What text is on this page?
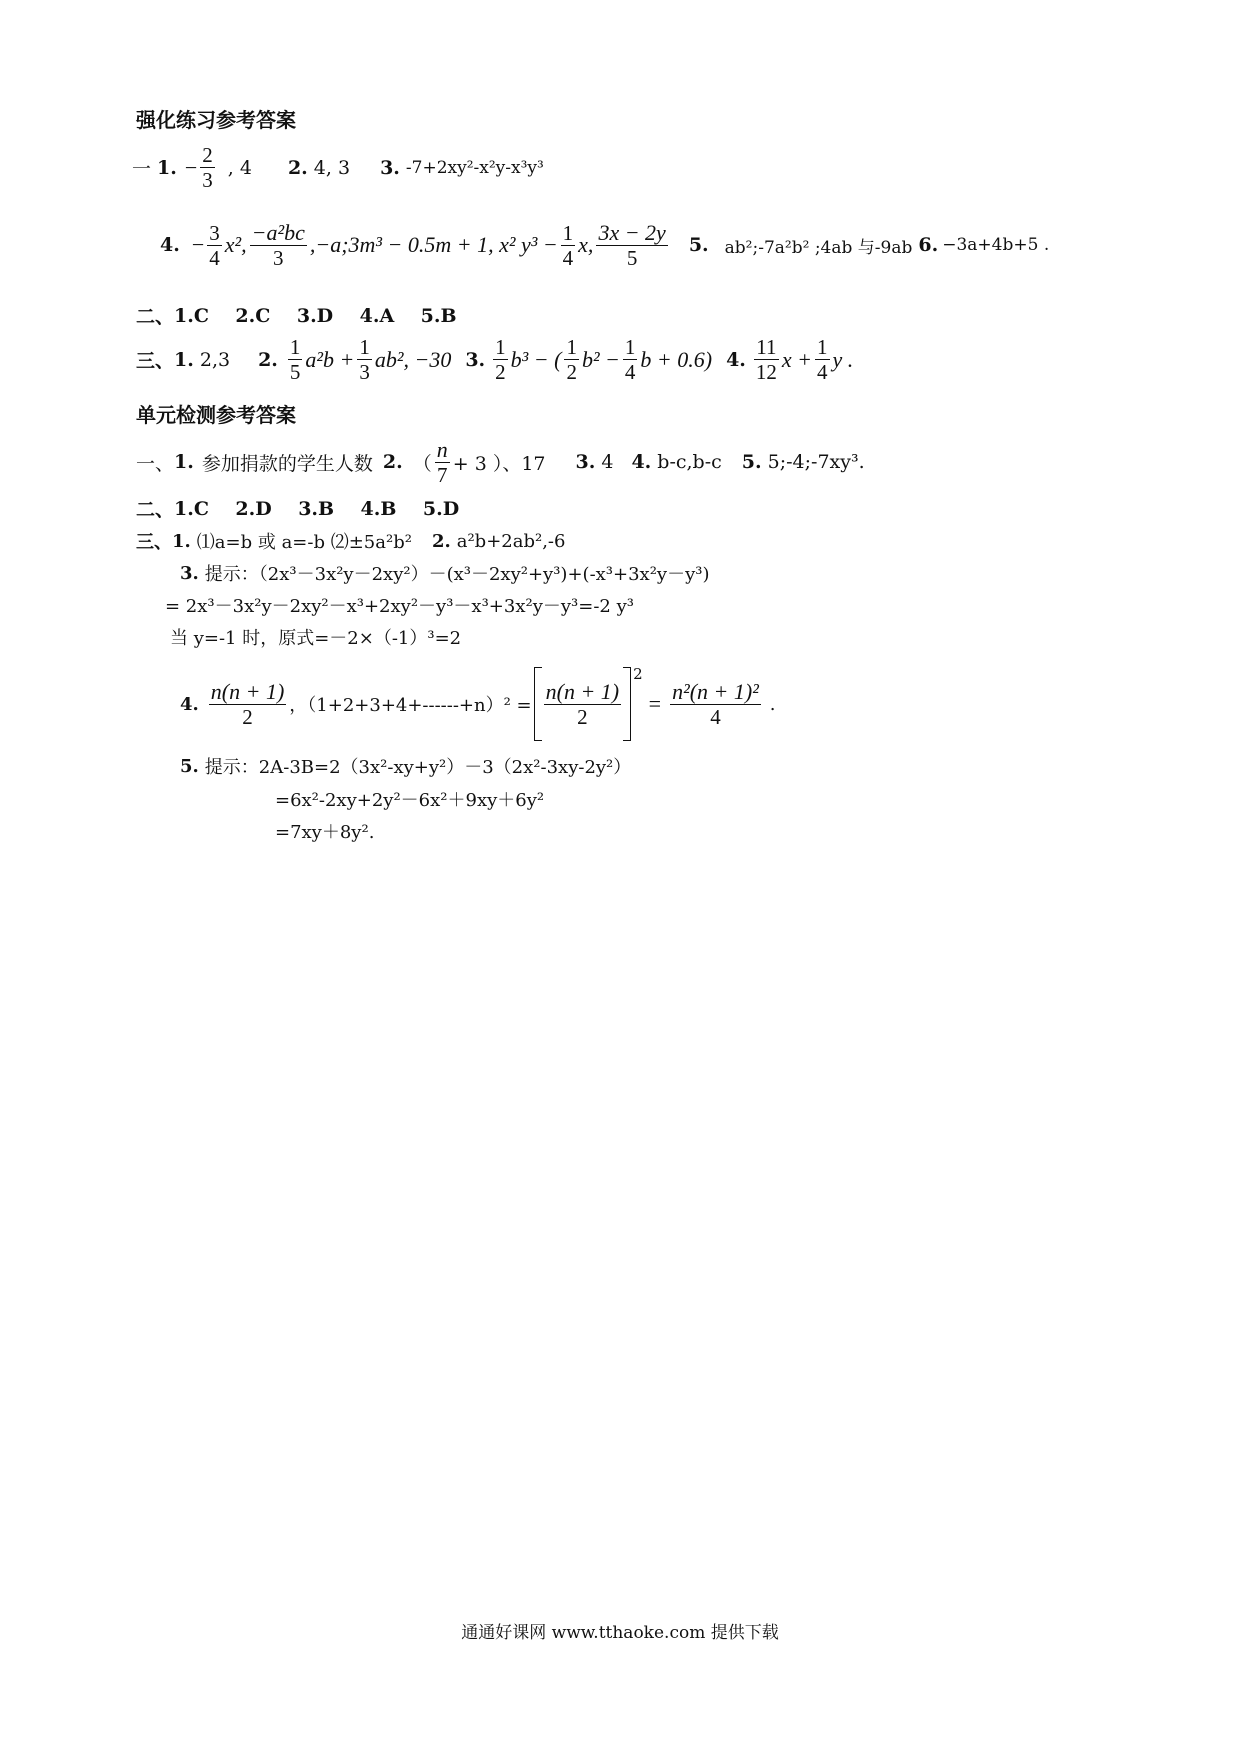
强化练习参考答案
一 1. − $\frac{2}{3}$ , 4 2. 4, 3 3. -7+2xy²-x²y-x³y³
4. − $\frac{3}{4} x^2$, −a²bc
3
,−a;3m³ − 0.5m + 1, x² $y^3 - \frac{1}{4} x$, 3x − 2y
5
5. ab²;-7a²b² ;4ab 与-9ab 6. −3a+4b+5 .
二、 1.C    2.C    3.D    4.A    5.B
三、 1. 2,3 2.
1
5
$a^2b + \frac{1}{3} ab^2$, −30 3.
1
2
b³ − ( 1
2
$b^2 - \frac{1}{4}$ b + 0.6) 4.
11
12
$x + \frac{1}{4}$ y .
单元检测参考答案
一、 1. 参加捐款的学生人数 2. （
n
7 + 3 ）、17 3. 4 4. b-c,b-c 5. 5;-4;-7xy³.
二、 1.C    2.D    3.B    4.B    5.D
三、 1. ⑴a=b 或 a=-b ⑵±5a²b² 2. a²b+2ab²,-6
3. 提示：（2x³－3x²y－2xy²）－(x³－2xy²+y³)+(-x³+3x²y－y³)
= 2x³－3x²y－2xy²－x³+2xy²－y³－x³+3x²y－y³=-2 y³
当 y=-1 时，原式=－2×（-1）³=2
4.
n(n + 1)
2 ，（1+2+3+4+------+n）² =
n(n + 1)
2
2
= $\frac{\text{n²(n + 1)²}}{4}$ .
5. 提示：2A-3B=2（3x²-xy+y²）－3（2x²-3xy-2y²）
=6x²-2xy+2y²－6x²＋9xy＋6y²
=7xy＋8y².
通通好课网 www.tthaoke.com 提供下载
